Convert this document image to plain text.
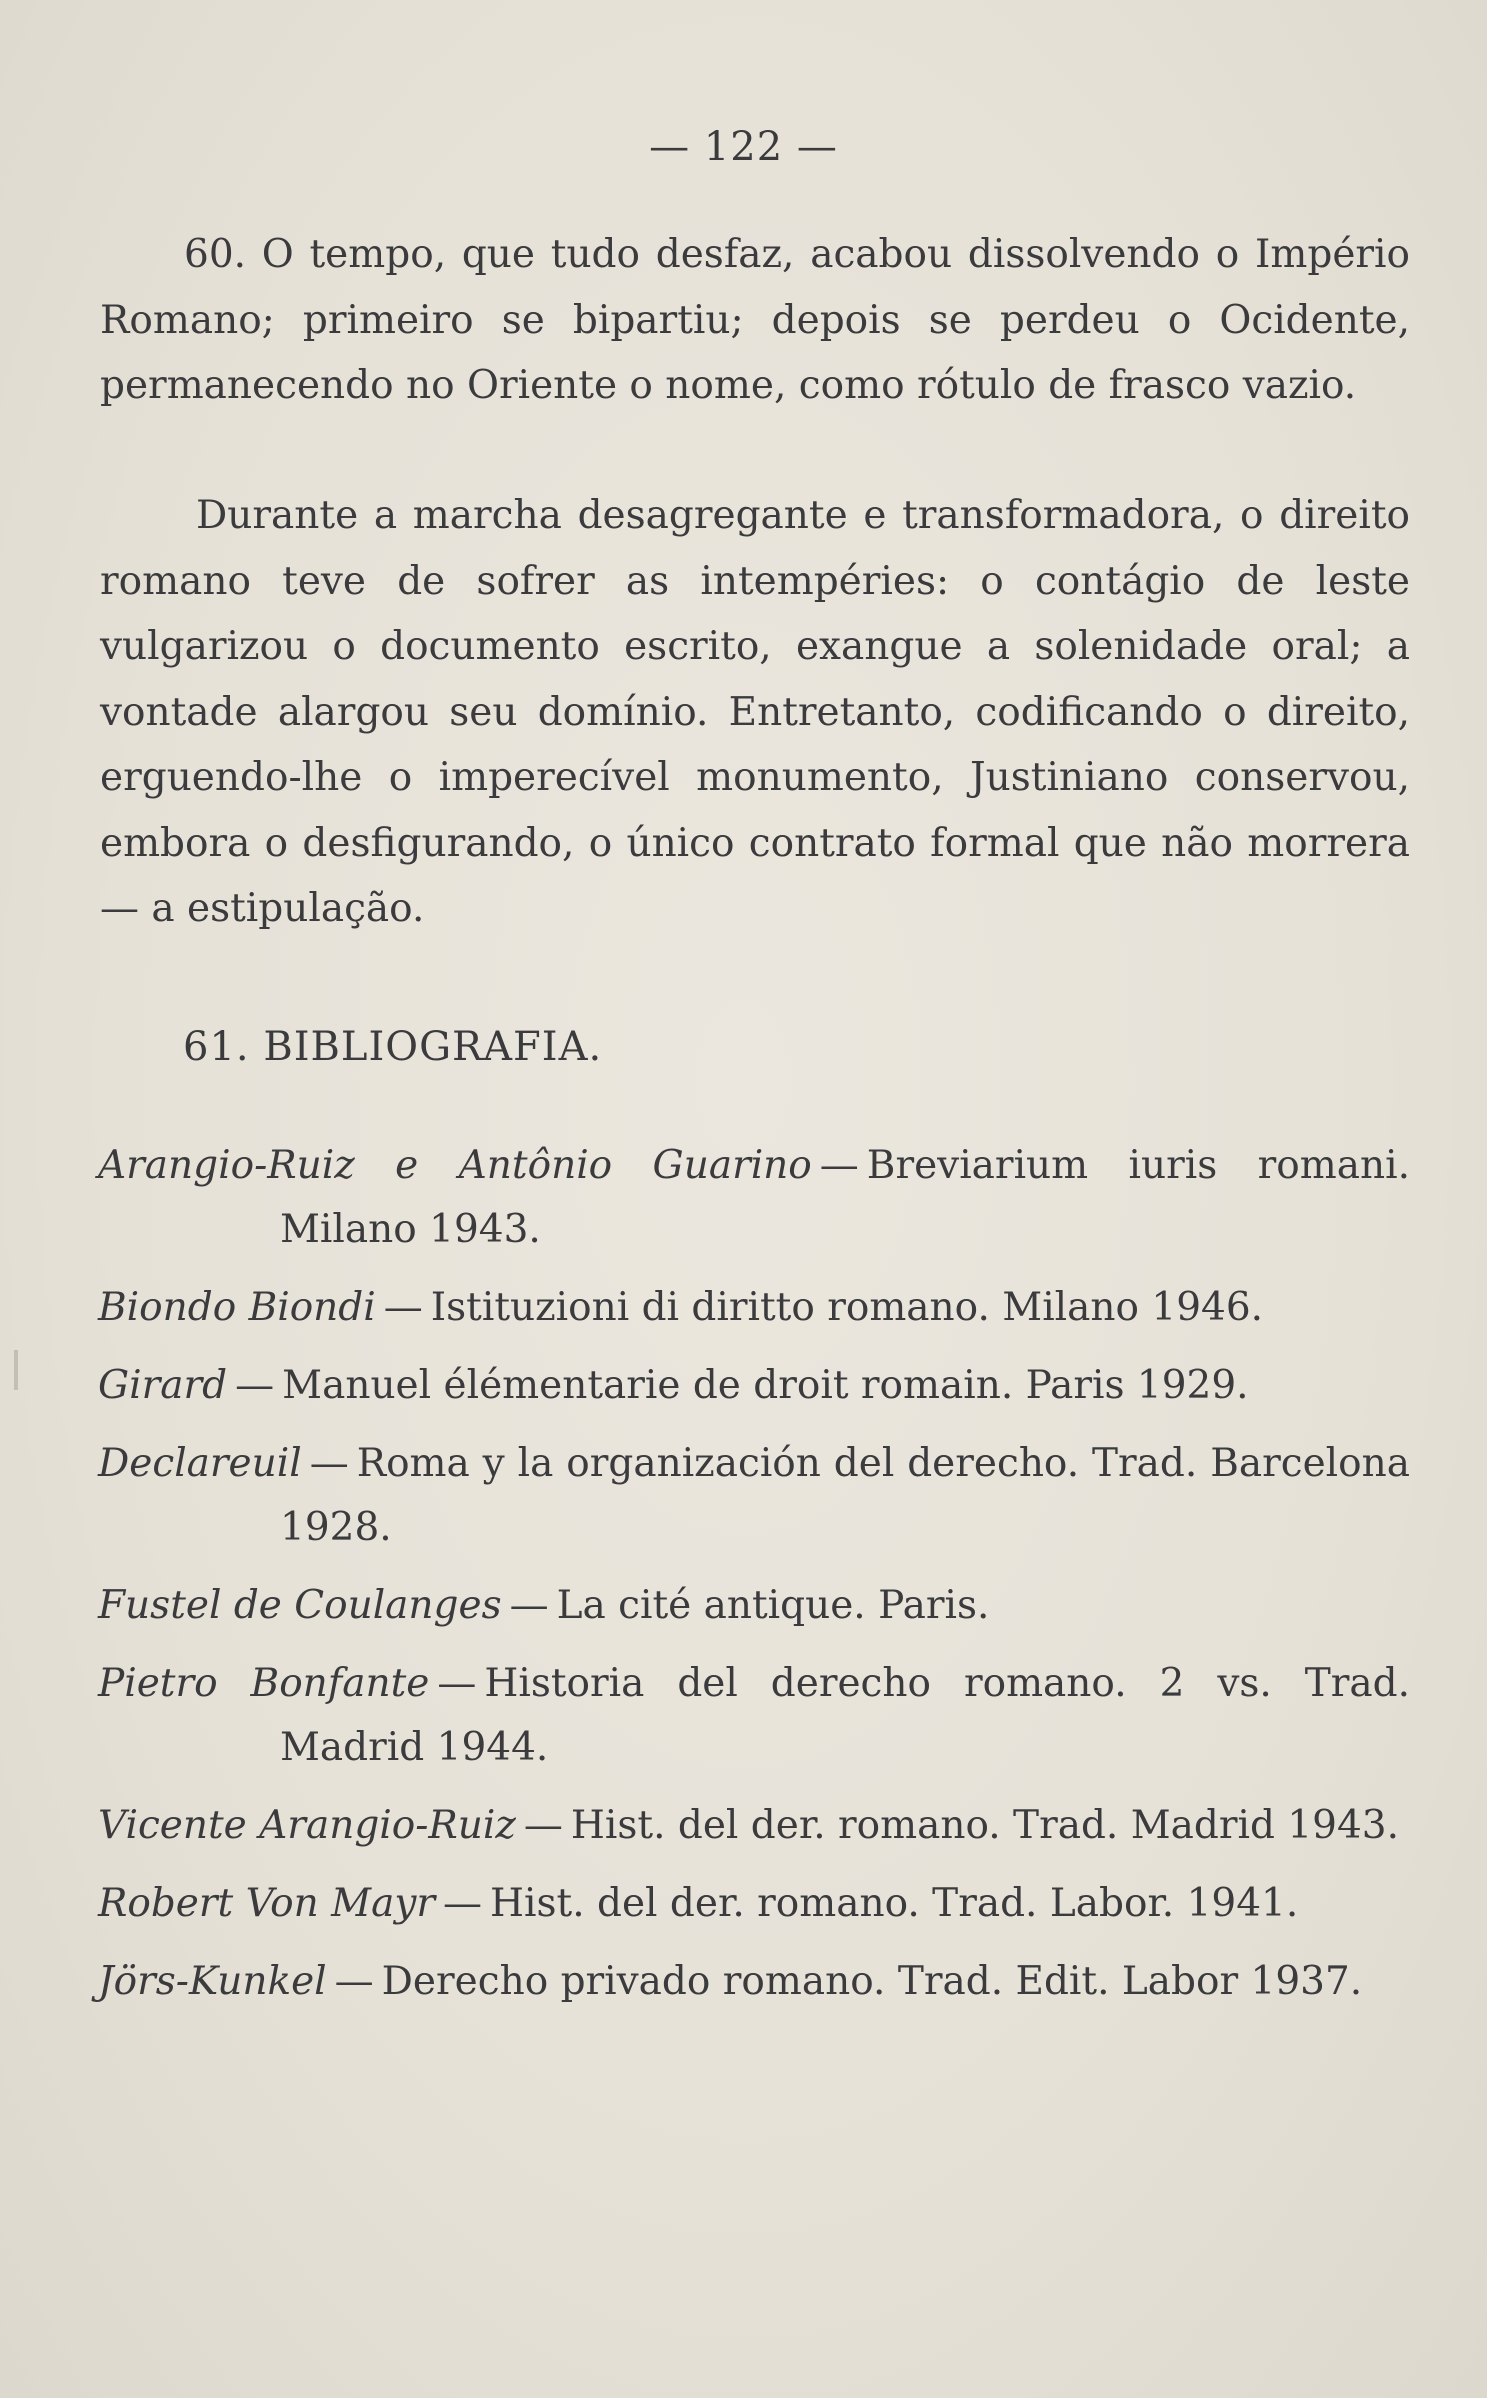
— 122 —

60. O tempo, que tudo desfaz, acabou dissolvendo o Império Romano; primeiro se bipartiu; depois se perdeu o Ocidente, permanecendo no Oriente o nome, como rótulo de frasco vazio.

Durante a marcha desagregante e transformadora, o direito romano teve de sofrer as intempéries: o contágio de leste vulgarizou o documento escrito, exangue a solenidade oral; a vontade alargou seu domínio. Entretanto, codificando o direito, erguendo-lhe o imperecível monumento, Justiniano conservou, embora o desfigurando, o único contrato formal que não morrera — a estipulação.

61. BIBLIOGRAFIA.

Arangio-Ruiz e Antônio Guarino — Breviarium iuris romani. Milano 1943.

Biondo Biondi — Istituzioni di diritto romano. Milano 1946.

Girard — Manuel élémentarie de droit romain. Paris 1929.

Declareuil — Roma y la organización del derecho. Trad. Barcelona 1928.

Fustel de Coulanges — La cité antique. Paris.

Pietro Bonfante — Historia del derecho romano. 2 vs. Trad. Madrid 1944.

Vicente Arangio-Ruiz — Hist. del der. romano. Trad. Madrid 1943.

Robert Von Mayr — Hist. del der. romano. Trad. Labor. 1941.

Jörs-Kunkel — Derecho privado romano. Trad. Edit. Labor 1937.
